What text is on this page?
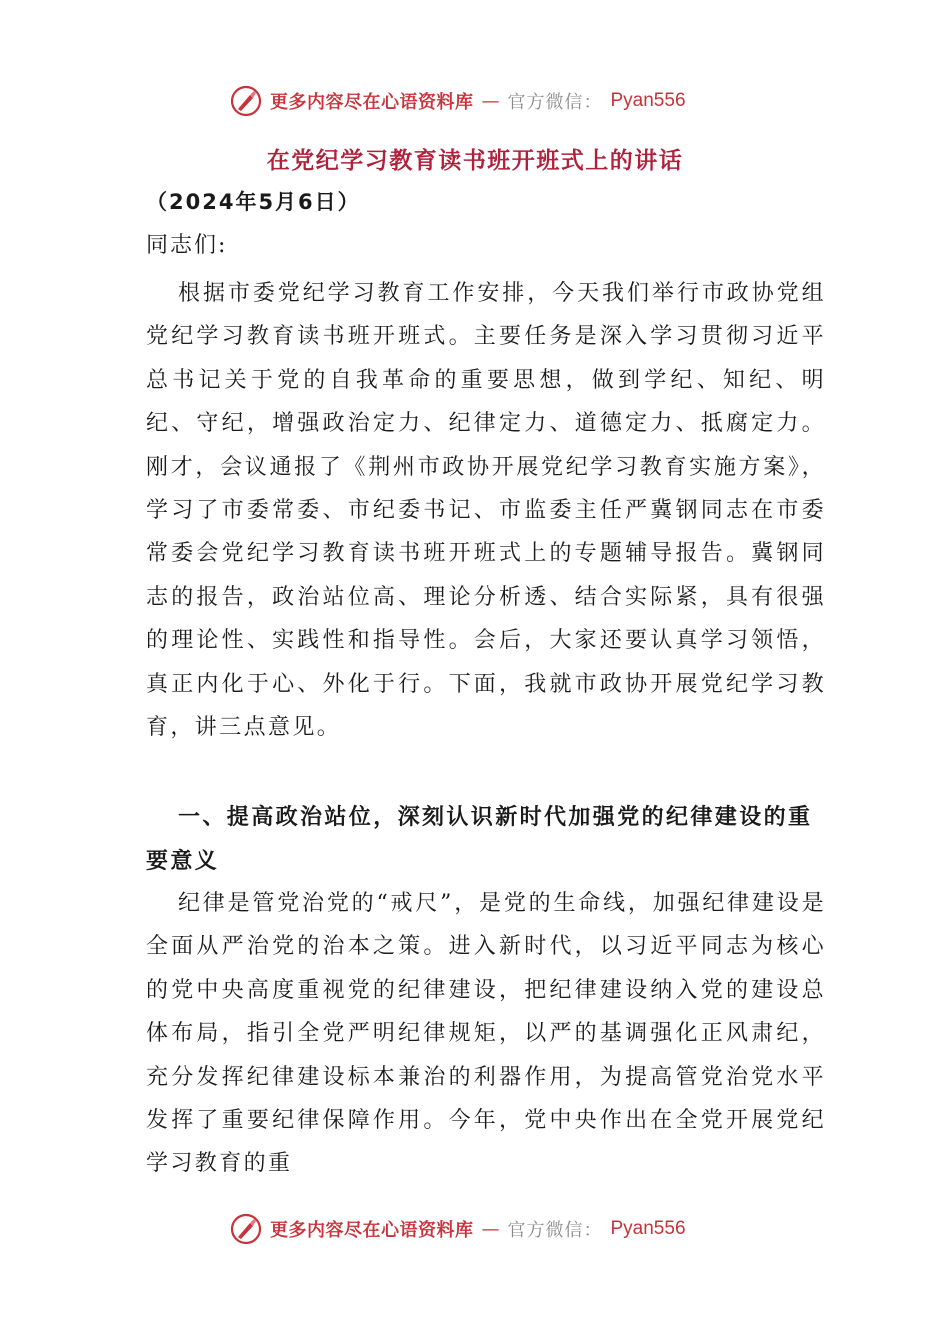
更多内容尽在心语资料库 — 官方微信： Pyan556
在党纪学习教育读书班开班式上的讲话
（2024年5月6日）
同志们:

根据市委党纪学习教育工作安排，今天我们举行市政协党组党纪学习教育读书班开班式。主要任务是深入学习贯彻习近平总书记关于党的自我革命的重要思想，做到学纪、知纪、明纪、守纪，增强政治定力、纪律定力、道德定力、抵腐定力。刚才，会议通报了《荆州市政协开展党纪学习教育实施方案》，学习了市委常委、市纪委书记、市监委主任严冀钢同志在市委常委会党纪学习教育读书班开班式上的专题辅导报告。冀钢同志的报告，政治站位高、理论分析透、结合实际紧，具有很强的理论性、实践性和指导性。会后，大家还要认真学习领悟，真正内化于心、外化于行。下面，我就市政协开展党纪学习教育，讲三点意见。

一、提高政治站位，深刻认识新时代加强党的纪律建设的重要意义

纪律是管党治党的“戒尺”，是党的生命线，加强纪律建设是全面从严治党的治本之策。进入新时代，以习近平同志为核心的党中央高度重视党的纪律建设，把纪律建设纳入党的建设总体布局，指引全党严明纪律规矩，以严的基调强化正风肃纪，充分发挥纪律建设标本兼治的利器作用，为提高管党治党水平发挥了重要纪律保障作用。今年，党中央作出在全党开展党纪学习教育的重

更多内容尽在心语资料库 — 官方微信： Pyan556
